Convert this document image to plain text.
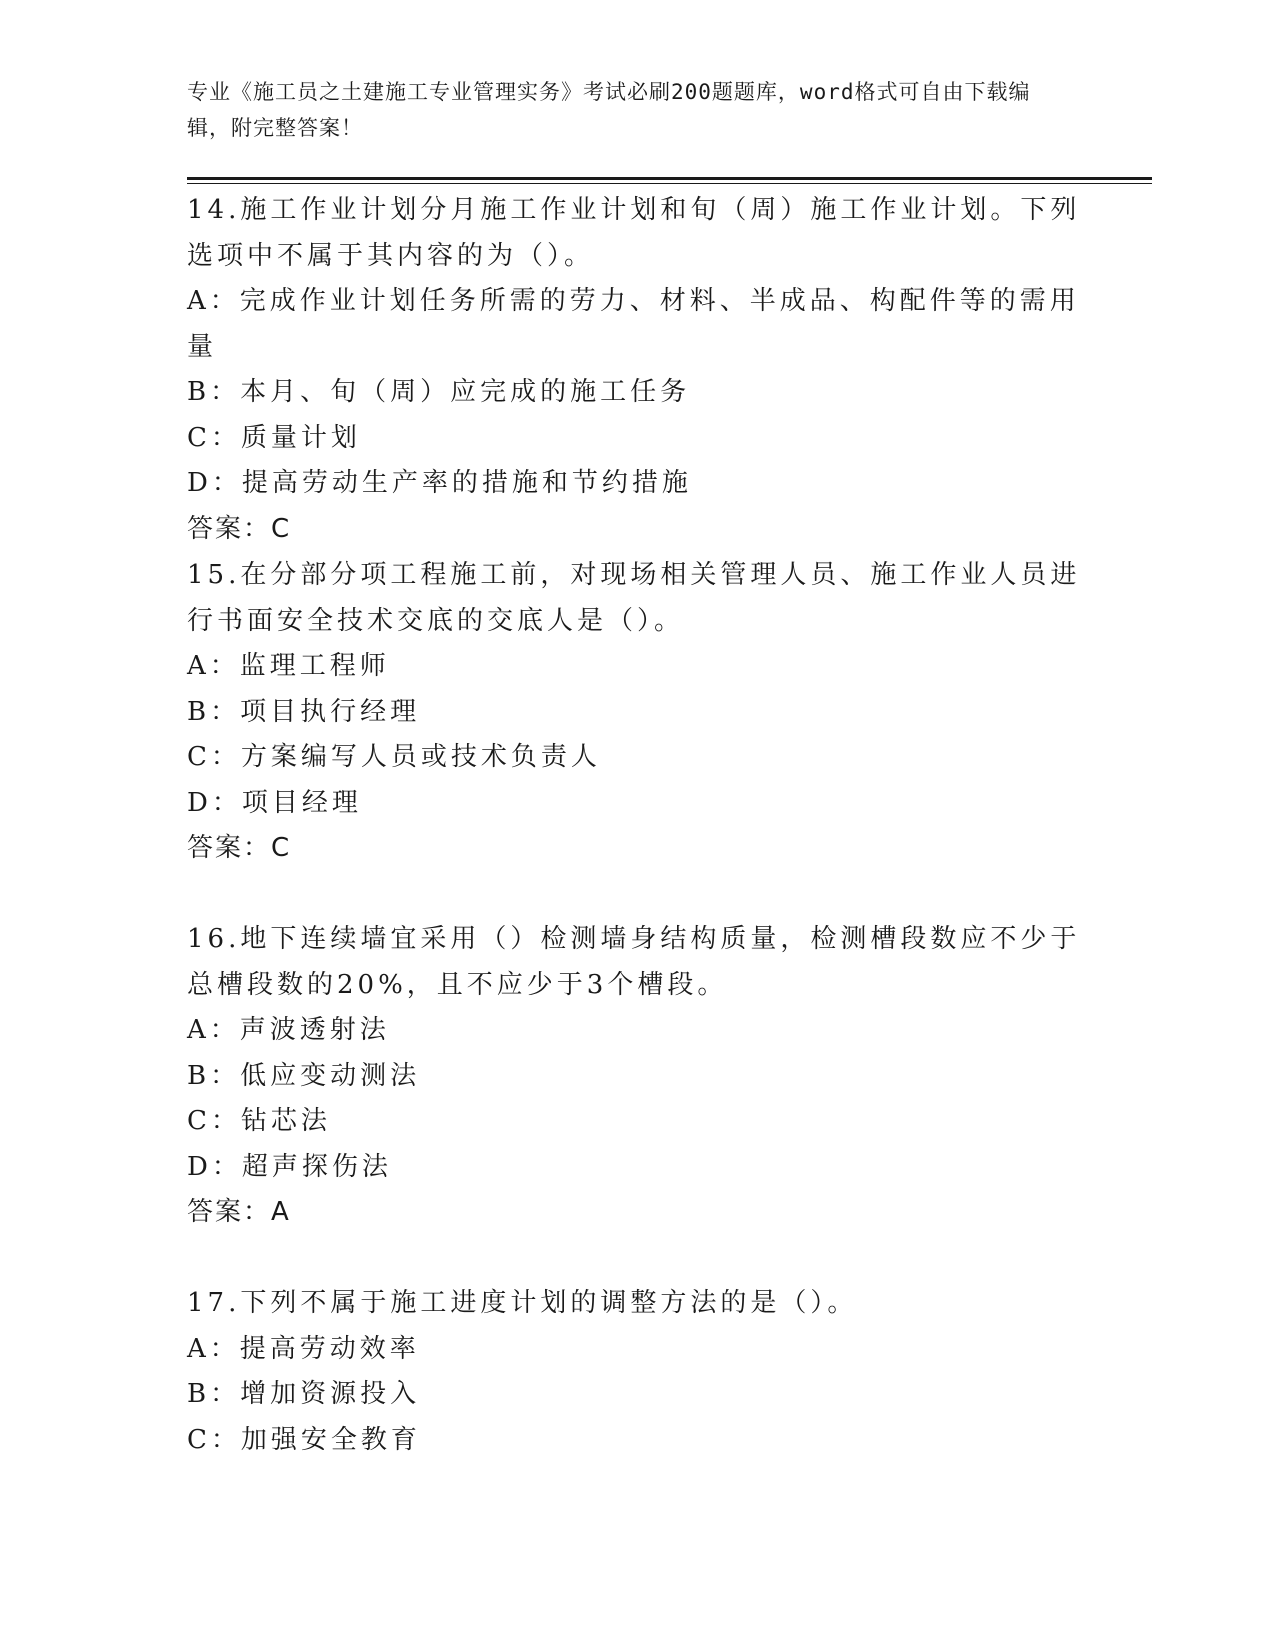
专业《施工员之土建施工专业管理实务》考试必刷200题题库，word格式可自由下载编辑，附完整答案！
14.施工作业计划分月施工作业计划和旬（周）施工作业计划。下列选项中不属于其内容的为（）。
A：完成作业计划任务所需的劳力、材料、半成品、构配件等的需用量
B：本月、旬（周）应完成的施工任务
C：质量计划
D：提高劳动生产率的措施和节约措施
答案：C
15.在分部分项工程施工前，对现场相关管理人员、施工作业人员进行书面安全技术交底的交底人是（）。
A：监理工程师
B：项目执行经理
C：方案编写人员或技术负责人
D：项目经理
答案：C
16.地下连续墙宜采用（）检测墙身结构质量，检测槽段数应不少于总槽段数的20%，且不应少于3个槽段。
A：声波透射法
B：低应变动测法
C：钻芯法
D：超声探伤法
答案：A
17.下列不属于施工进度计划的调整方法的是（）。
A：提高劳动效率
B：增加资源投入
C：加强安全教育
